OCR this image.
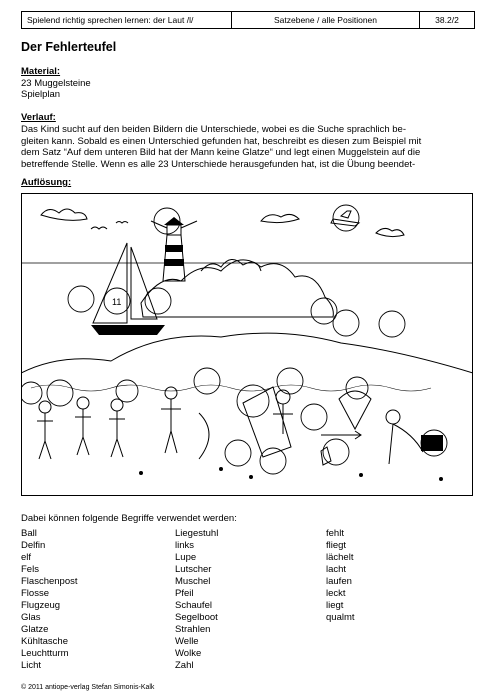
Spielend richtig sprechen lernen: der Laut /l/	Satzebene / alle Positionen	38.2/2
Der Fehlerteufel
Material:
23 Muggelsteine
Spielplan
Verlauf:
Das Kind sucht auf den beiden Bildern die Unterschiede, wobei es die Suche sprachlich be-
gleiten kann. Sobald es einen Unterschied gefunden hat, beschreibt es diesen zum Beispiel mit
dem Satz “Auf dem unteren Bild hat der Mann keine Glatze“ und legt einen Muggelstein auf die
betreffende Stelle. Wenn es alle 23 Unterschiede herausgefunden hat, ist die Übung beendet-
Auflösung:
11
Dabei können folgende Begriffe verwendet werden:
Ball
Delfin
elf
Fels
Flaschenpost
Flosse
Flugzeug
Glas
Glatze
Kühltasche
Leuchtturm
Licht
Liegestuhl
links
Lupe
Lutscher
Muschel
Pfeil
Schaufel
Segelboot
Strahlen
Welle
Wolke
Zahl
fehlt
fliegt
lächelt
lacht
laufen
leckt
liegt
qualmt
© 2011 antiope-verlag Stefan Simonis-Kalk
